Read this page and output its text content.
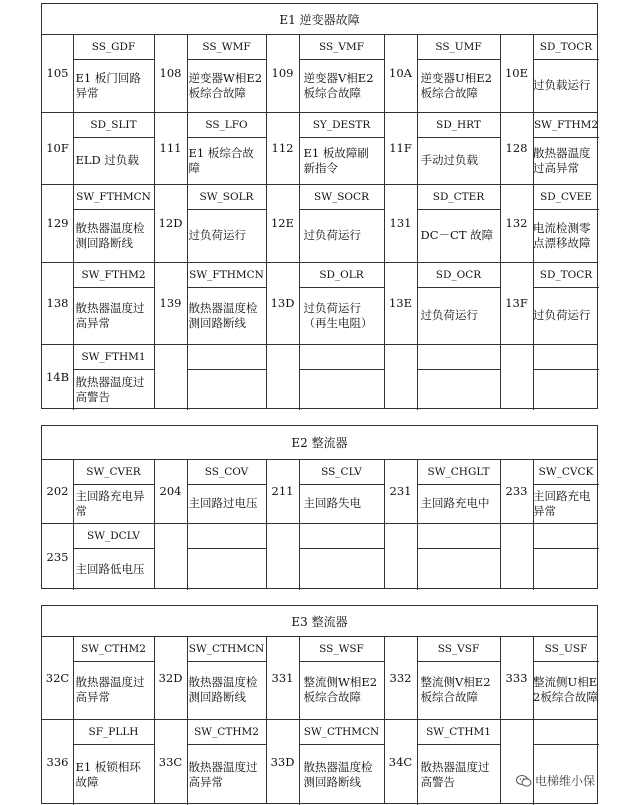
E1 逆变器故障
105
SS_GDF
E1 板门回路异常
10F
SD_SLIT
ELD 过负载
129
SW_FTHMCN
散热器温度检测回路断线
138
SW_FTHM2
散热器温度过高异常
14B
SW_FTHM1
散热器温度过高警告
108
SS_WMF
逆变器W相E2板综合故障
111
SS_LFO
E1 板综合故障
12D
SW_SOLR
过负荷运行
139
SW_FTHMCN
散热器温度检测回路断线
109
SS_VMF
逆变器V相E2 板综合故障
112
SY_DESTR
E1 板故障刷新指令
12E
SW_SOCR
过负荷运行
13D
SD_OLR
过负荷运行（再生电阻）
10A
SS_UMF
逆变器U相E2板综合故障
11F
SD_HRT
手动过负载
131
SD_CTER
DC－CT 故障
13E
SD_OCR
过负荷运行
10E
SD_TOCR
过负载运行
128
SW_FTHM2
散热器温度过高异常
132
SD_CVEE
电流检测零点漂移故障
13F
SD_TOCR
过负荷运行
E2 整流器
202
SW_CVER
主回路充电异常
235
SW_DCLV
主回路低电压
204
SS_COV
主回路过电压
211
SS_CLV
主回路失电
231
SW_CHGLT
主回路充电中
233
SW_CVCK
主回路充电异常
E3 整流器
32C
SW_CTHM2
散热器温度过高异常
336
SF_PLLH
E1 板锁相环故障
32D
SW_CTHMCN
散热器温度检测回路断线
33C
SW_CTHM2
散热器温度过高异常
331
SS_WSF
整流侧W相E2板综合故障
33D
SW_CTHMCN
散热器温度检测回路断线
332
SS_VSF
整流侧V相E2板综合故障
34C
SW_CTHM1
散热器温度过高警告
333
SS_USF
整流侧U相E2板综合故障
电梯维小保
